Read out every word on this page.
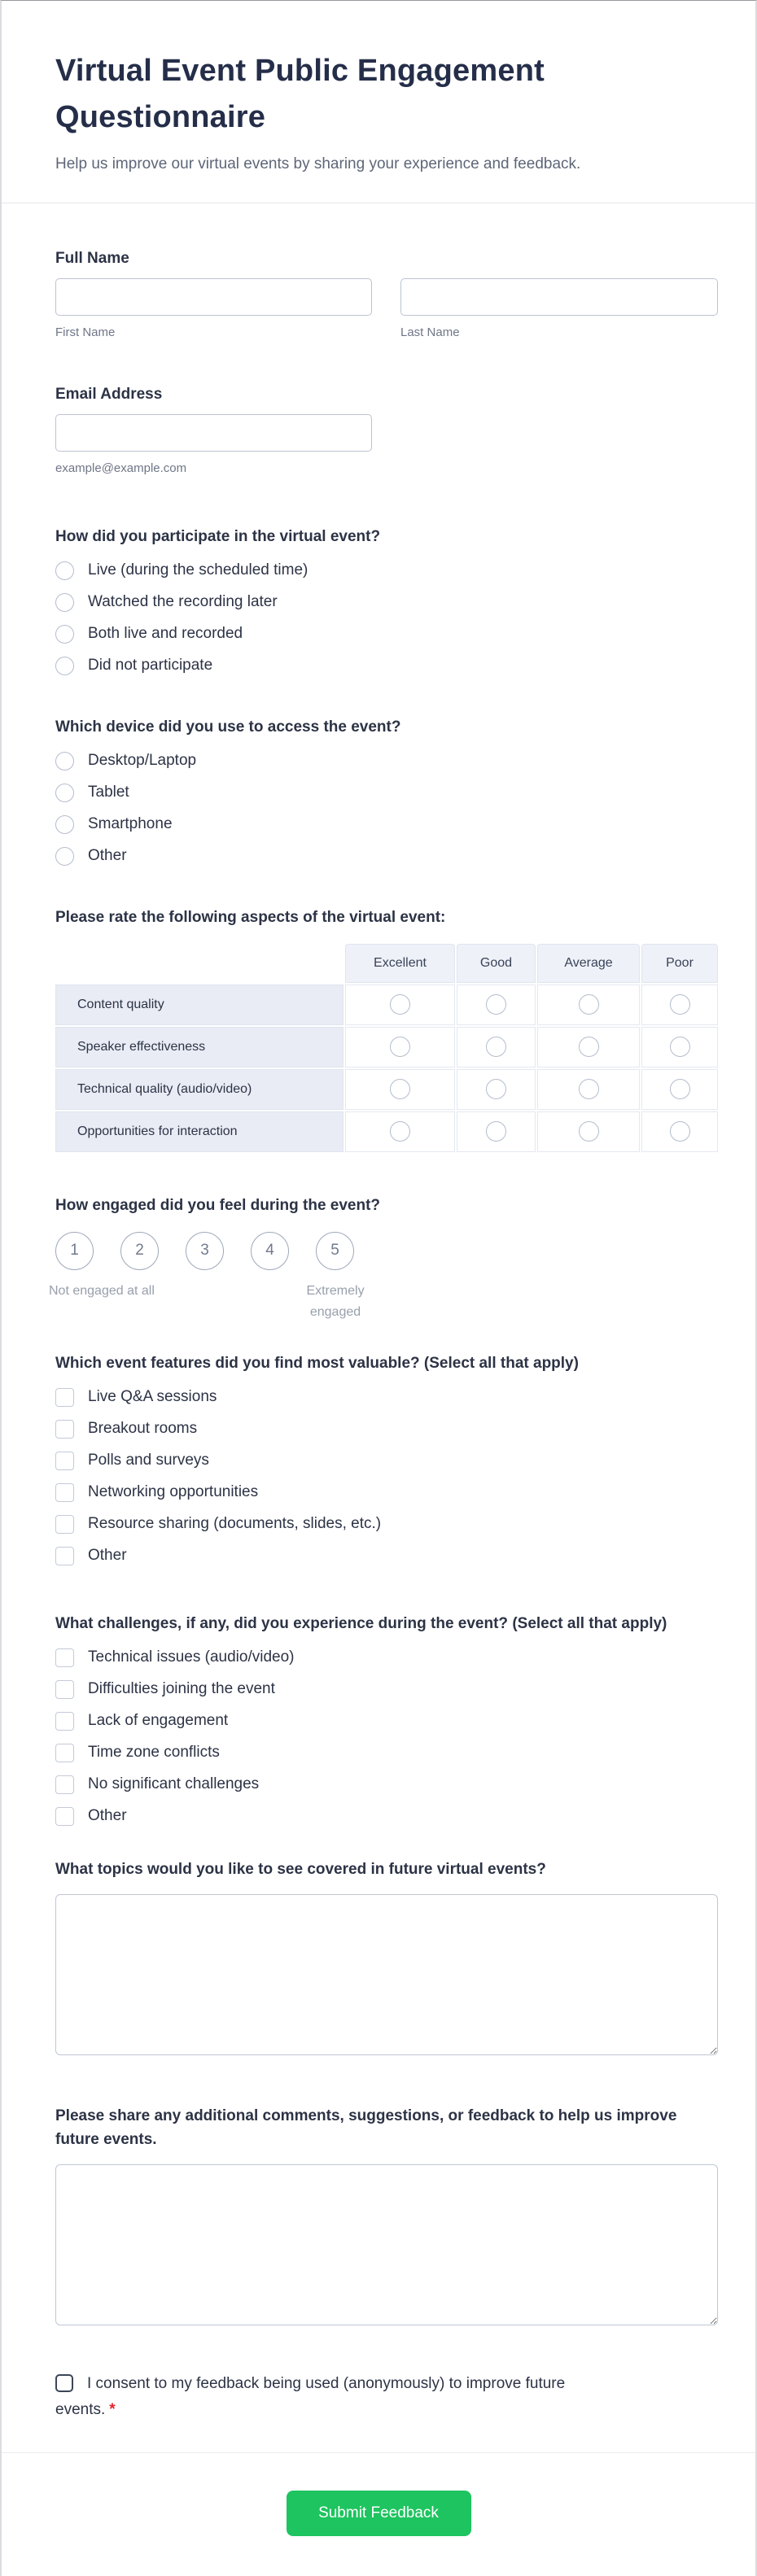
Virtual Event Public Engagement Questionnaire
Help us improve our virtual events by sharing your experience and feedback.
Full Name
First Name	Last Name
Email Address
example@example.com
How did you participate in the virtual event?
Live (during the scheduled time)
Watched the recording later
Both live and recorded
Did not participate
Which device did you use to access the event?
Desktop/Laptop
Tablet
Smartphone
Other
Please rate the following aspects of the virtual event:
Excellent	Good	Average	Poor
Content quality
Speaker effectiveness
Technical quality (audio/video)
Opportunities for interaction
How engaged did you feel during the event?
1	2	3	4	5
Not engaged at all	Extremely engaged
Which event features did you find most valuable? (Select all that apply)
Live Q&A sessions
Breakout rooms
Polls and surveys
Networking opportunities
Resource sharing (documents, slides, etc.)
Other
What challenges, if any, did you experience during the event? (Select all that apply)
Technical issues (audio/video)
Difficulties joining the event
Lack of engagement
Time zone conflicts
No significant challenges
Other
What topics would you like to see covered in future virtual events?
Please share any additional comments, suggestions, or feedback to help us improve future events.
I consent to my feedback being used (anonymously) to improve future events. *
Submit Feedback
